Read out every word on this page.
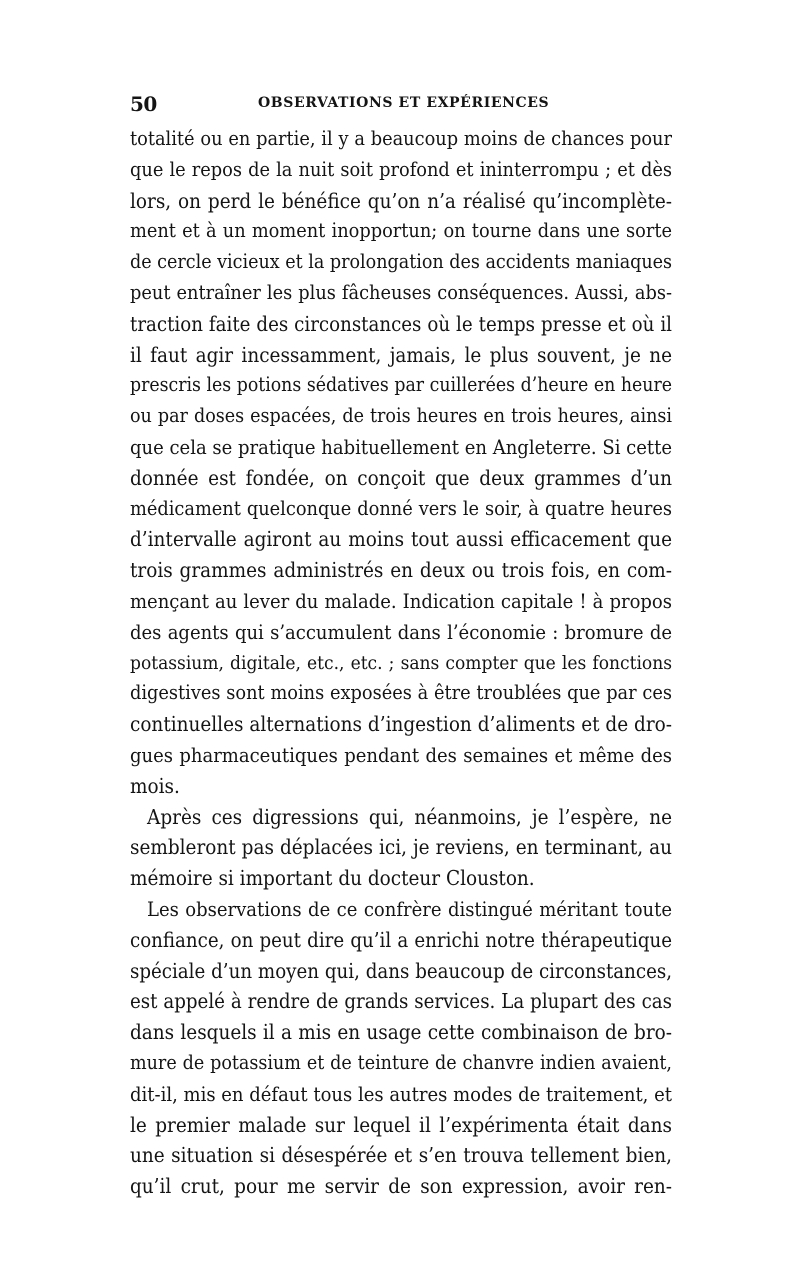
50	OBSERVATIONS ET EXPÉRIENCES
totalité ou en partie, il y a beaucoup moins de chances pour
que le repos de la nuit soit profond et ininterrompu ; et dès
lors, on perd le bénéfice qu’on n’a réalisé qu’incomplète-
ment et à un moment inopportun; on tourne dans une sorte
de cercle vicieux et la prolongation des accidents maniaques
peut entraîner les plus fâcheuses conséquences. Aussi, abs-
traction faite des circonstances où le temps presse et où il
il faut agir incessamment, jamais, le plus souvent, je ne
prescris les potions sédatives par cuillerées d’heure en heure
ou par doses espacées, de trois heures en trois heures, ainsi
que cela se pratique habituellement en Angleterre. Si cette
donnée est fondée, on conçoit que deux grammes d’un
médicament quelconque donné vers le soir, à quatre heures
d’intervalle agiront au moins tout aussi efficacement que
trois grammes administrés en deux ou trois fois, en com-
mençant au lever du malade. Indication capitale ! à propos
des agents qui s’accumulent dans l’économie : bromure de
potassium, digitale, etc., etc. ; sans compter que les fonctions
digestives sont moins exposées à être troublées que par ces
continuelles alternations d’ingestion d’aliments et de dro-
gues pharmaceutiques pendant des semaines et même des
mois.
Après ces digressions qui, néanmoins, je l’espère, ne
sembleront pas déplacées ici, je reviens, en terminant, au
mémoire si important du docteur Clouston.
Les observations de ce confrère distingué méritant toute
confiance, on peut dire qu’il a enrichi notre thérapeutique
spéciale d’un moyen qui, dans beaucoup de circonstances,
est appelé à rendre de grands services. La plupart des cas
dans lesquels il a mis en usage cette combinaison de bro-
mure de potassium et de teinture de chanvre indien avaient,
dit-il, mis en défaut tous les autres modes de traitement, et
le premier malade sur lequel il l’expérimenta était dans
une situation si désespérée et s’en trouva tellement bien,
qu’il crut, pour me servir de son expression, avoir ren-
